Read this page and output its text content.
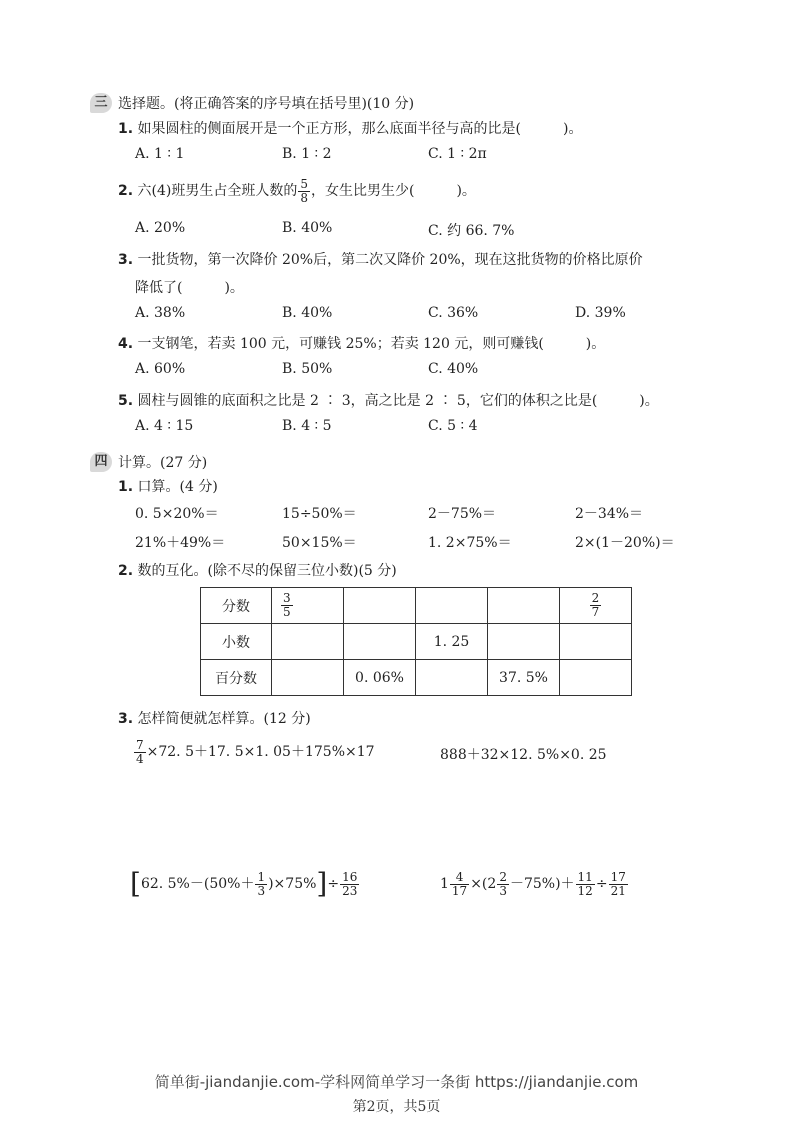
三 选择题。(将正确答案的序号填在括号里)(10 分)
1. 如果圆柱的侧面展开是一个正方形，那么底面半径与高的比是(　　　)。
A. 1 ∶ 1	B. 1 ∶ 2	C. 1 ∶ 2π
2. 六(4)班男生占全班人数的 $\frac{5}{8}$ ，女生比男生少(　　　)。
A. 20%	B. 40%	C. 约 66. 7%
3. 一批货物，第一次降价 20%后，第二次又降价 20%，现在这批货物的价格比原价
降低了(　　　)。
A. 38%	B. 40%	C. 36%	D. 39%
4. 一支钢笔，若卖 100 元，可赚钱 25%；若卖 120 元，则可赚钱(　　　)。
A. 60%	B. 50%	C. 40%
5. 圆柱与圆锥的底面积之比是 2 ∶ 3，高之比是 2 ∶ 5，它们的体积之比是(　　　)。
A. 4 ∶ 15	B. 4 ∶ 5	C. 5 ∶ 4
四 计算。(27 分)
1. 口算。(4 分)
0. 5×20%＝	15÷50%＝	2－75%＝	2－34%＝
21%＋49%＝	50×15%＝	1. 2×75%＝	2×(1－20%)＝
2. 数的互化。(除不尽的保留三位小数)(5 分)
分数	$\frac{3}{5}$				$\frac{2}{7}$

小数			1. 25		
百分数		0. 06%		37. 5%	
3. 怎样简便就怎样算。(12 分)
$\frac{7}{4} \times 72$. 5＋17. 5×1. 05＋175%×17	888＋32×12. 5%×0. 25
[62. $5\%-(50\%+ \frac{1}{3} )\times 75\%]\div \frac{16}{23}$	$1 \frac{4}{17} \times(2 \frac{2}{3} -75\%)+ \frac{11}{12} \div \frac{17}{21}$
简单街-jiandanjie.com-学科网简单学习一条街 https://jiandanjie.com
第2页，共5页
